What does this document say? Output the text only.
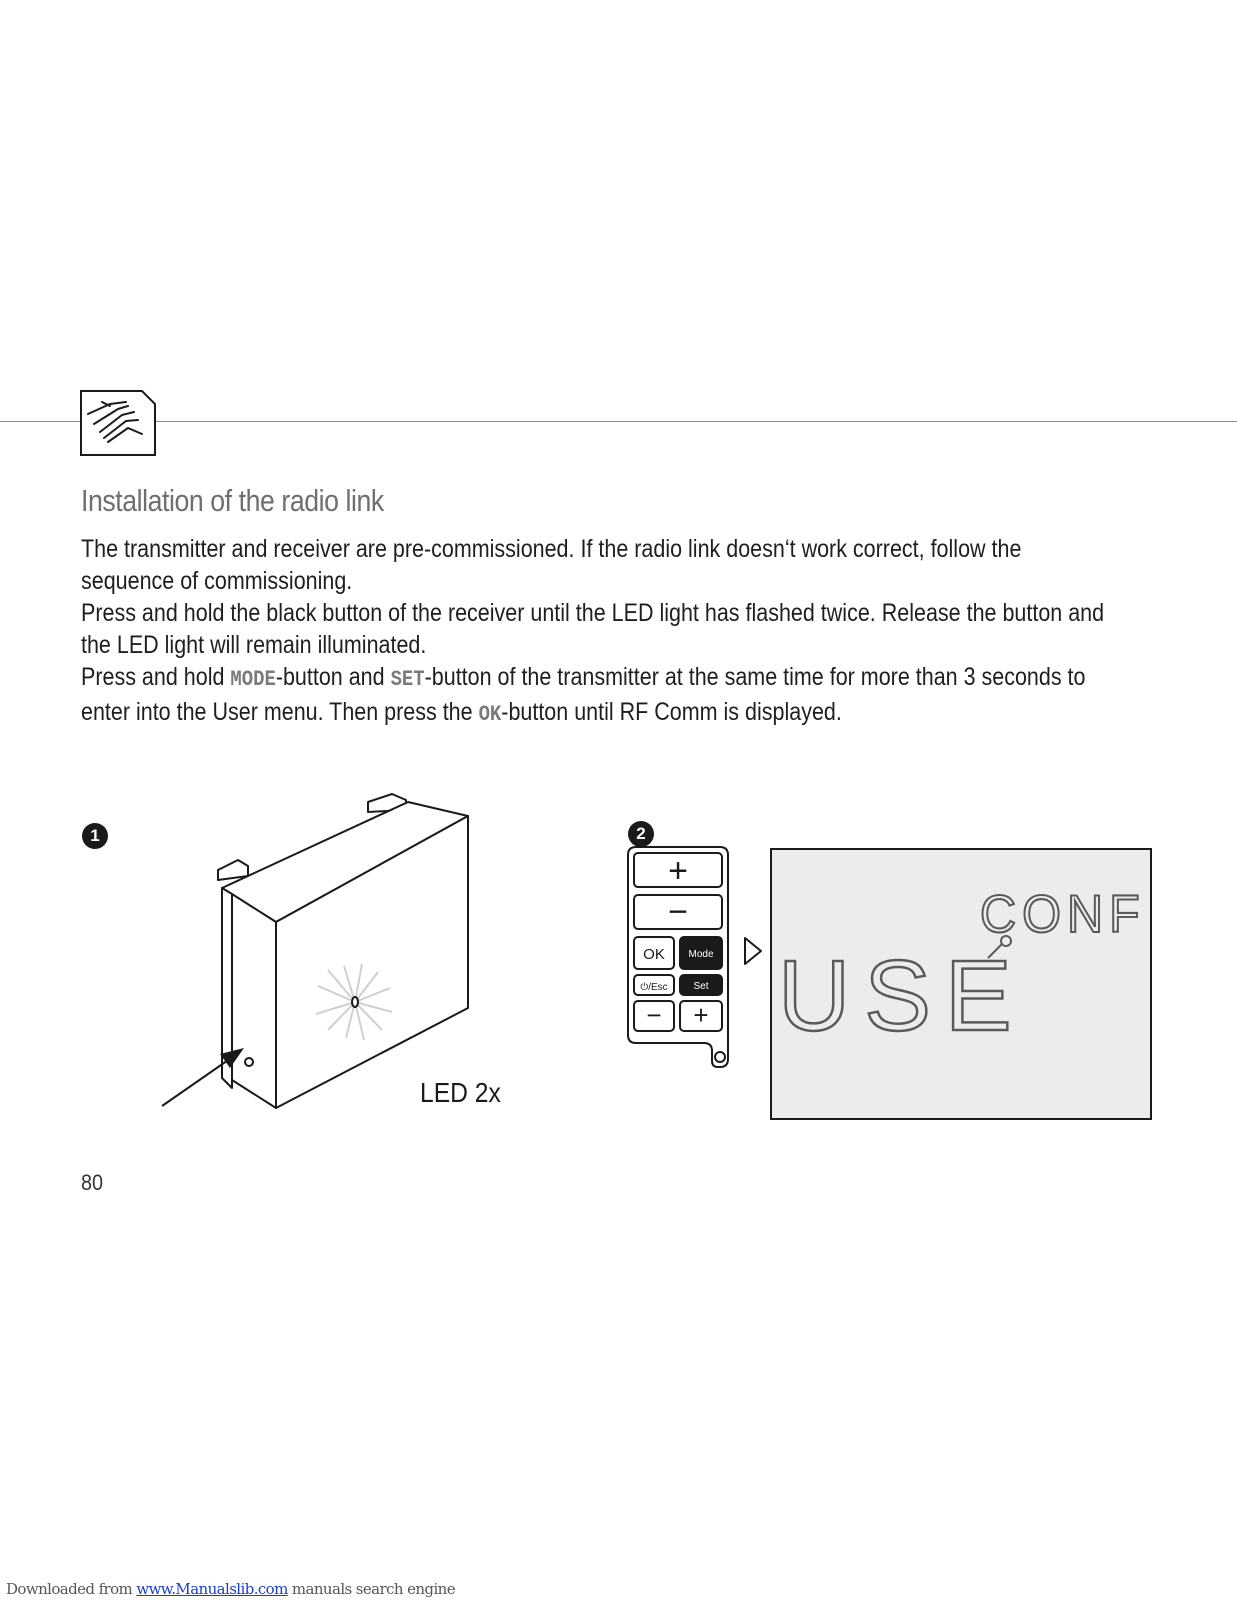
Installation of the radio link

The transmitter and receiver are pre-commissioned. If the radio link doesn‘t work correct, follow the sequence of commissioning.

Press and hold the black button of the receiver until the LED light has flashed twice. Release the button and the LED light will remain illuminated.

Press and hold MODE-button and SET-button of the transmitter at the same time for more than 3 seconds to enter into the User menu. Then press the OK-button until RF Comm is displayed.

1
LED 2x
2
+
−
OK Mode
⏻/Esc	Set
− +
CONF
USE
80
Downloaded from www.Manualslib.com manuals search engine
